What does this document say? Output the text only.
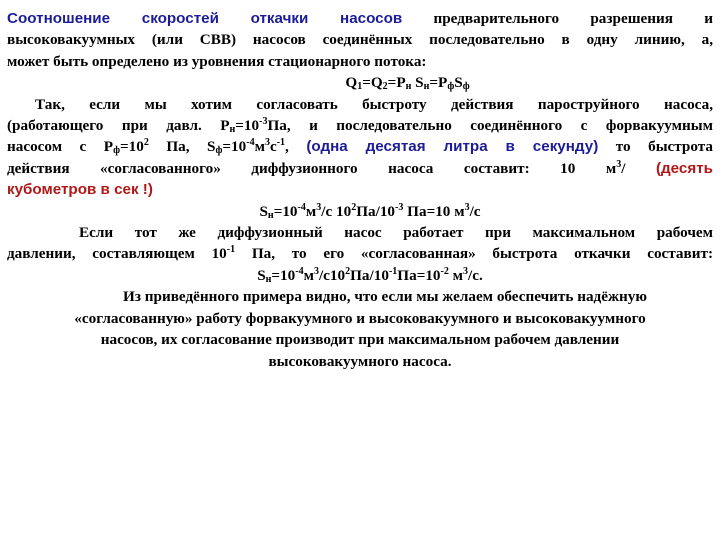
Соотношение скоростей откачки насосов предварительного разрешения и

высоковакуумных (или СВВ) насосов соединённых последовательно в одну линию, а,

может быть определено из уровнения стационарного потока:

$Q_1=Q_2=P_н$ $S_н=P_фS_ф$

Так, если мы хотим согласовать быстроту действия пароструйного насоса,

(работающего при давл. $P_н=10^{-3}Па$, и последовательно соединённого с форвакуумным

насосом с $P_ф=10^2$ Па, $S_ф=10^{-4}м^3с^{-1}$, (одна десятая литра в секунду) то быстрота

действия «согласованного» диффузионного насоса составит: 10 $м^3/$ (десять

кубометров в сек !)

$S_н=10^{-4}м^3/с$ $10^2Па/10^{-3}$ Па=10 $м^3/с$

Если тот же диффузионный насос работает при максимальном рабочем

давлении, составляющем $10^{-1}$ Па, то его «согласованная» быстрота откачки составит:

$S_н=10^{-4}м^3/с10^2Па/10^{-1}Па=10^{-2}$ $м^3/с$.

Из приведённого примера видно, что если мы желаем обеспечить надёжную

«согласованную» работу форвакуумного и высоковакуумного и высоковакуумного

насосов, их согласование производит при максимальном рабочем давлении

высоковакуумного насоса.
